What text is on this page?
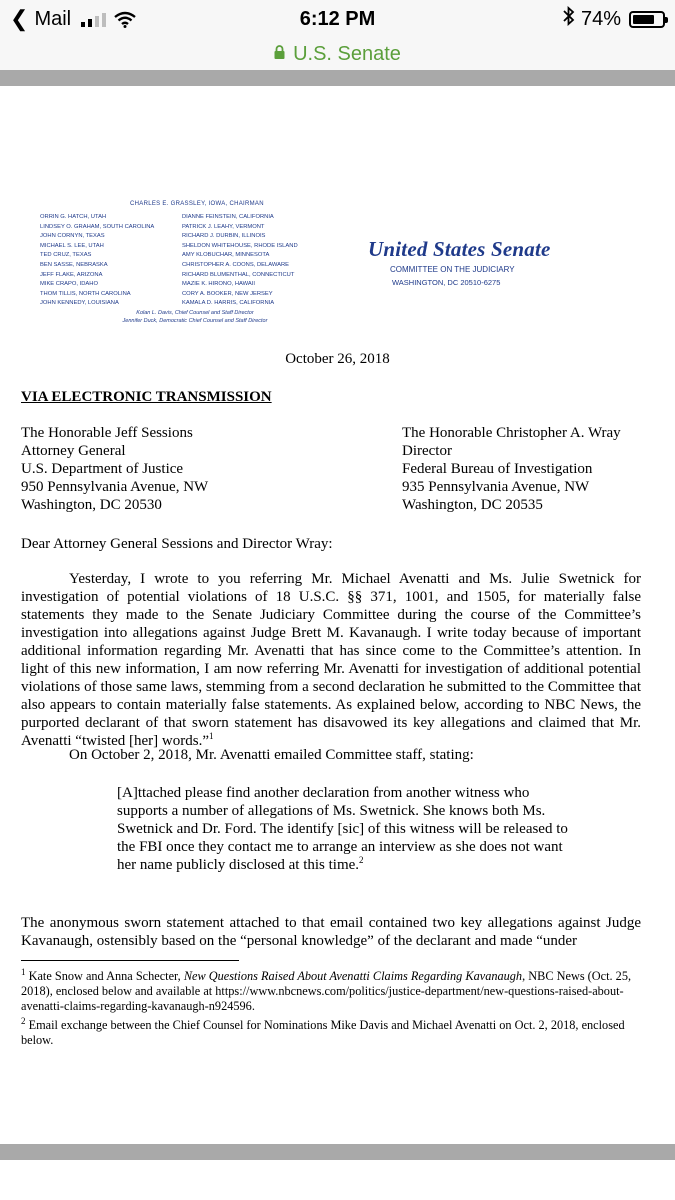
❮ Mail	6:12 PM	74%
U.S. Senate
CHARLES E. GRASSLEY, IOWA, CHAIRMAN
ORRIN G. HATCH, UTAH
LINDSEY O. GRAHAM, SOUTH CAROLINA
JOHN CORNYN, TEXAS
MICHAEL S. LEE, UTAH
TED CRUZ, TEXAS
BEN SASSE, NEBRASKA
JEFF FLAKE, ARIZONA
MIKE CRAPO, IDAHO
THOM TILLIS, NORTH CAROLINA
JOHN KENNEDY, LOUISIANA
DIANNE FEINSTEIN, CALIFORNIA
PATRICK J. LEAHY, VERMONT
RICHARD J. DURBIN, ILLINOIS
SHELDON WHITEHOUSE, RHODE ISLAND
AMY KLOBUCHAR, MINNESOTA
CHRISTOPHER A. COONS, DELAWARE
RICHARD BLUMENTHAL, CONNECTICUT
MAZIE K. HIRONO, HAWAII
CORY A. BOOKER, NEW JERSEY
KAMALA D. HARRIS, CALIFORNIA
Kolan L. Davis, Chief Counsel and Staff Director
Jennifer Duck, Democratic Chief Counsel and Staff Director
United States Senate
COMMITTEE ON THE JUDICIARY
WASHINGTON, DC 20510-6275
October 26, 2018
VIA ELECTRONIC TRANSMISSION
The Honorable Jeff Sessions
Attorney General
U.S. Department of Justice
950 Pennsylvania Avenue, NW
Washington, DC 20530
The Honorable Christopher A. Wray
Director
Federal Bureau of Investigation
935 Pennsylvania Avenue, NW
Washington, DC 20535
Dear Attorney General Sessions and Director Wray:
Yesterday, I wrote to you referring Mr. Michael Avenatti and Ms. Julie Swetnick for investigation of potential violations of 18 U.S.C. §§ 371, 1001, and 1505, for materially false statements they made to the Senate Judiciary Committee during the course of the Committee’s investigation into allegations against Judge Brett M. Kavanaugh. I write today because of important additional information regarding Mr. Avenatti that has since come to the Committee’s attention. In light of this new information, I am now referring Mr. Avenatti for investigation of additional potential violations of those same laws, stemming from a second declaration he submitted to the Committee that also appears to contain materially false statements. As explained below, according to NBC News, the purported declarant of that sworn statement has disavowed its key allegations and claimed that Mr. Avenatti “twisted [her] words.”$^1$
On October 2, 2018, Mr. Avenatti emailed Committee staff, stating:
[A]ttached please find another declaration from another witness who supports a number of allegations of Ms. Swetnick. She knows both Ms. Swetnick and Dr. Ford. The identify [sic] of this witness will be released to the FBI once they contact me to arrange an interview as she does not want her name publicly disclosed at this time.$^2$
The anonymous sworn statement attached to that email contained two key allegations against Judge Kavanaugh, ostensibly based on the “personal knowledge” of the declarant and made “under
$^1$ Kate Snow and Anna Schecter, New Questions Raised About Avenatti Claims Regarding Kavanaugh, NBC News (Oct. 25, 2018), enclosed below and available at https://www.nbcnews.com/politics/justice-department/new-questions-raised-about-avenatti-claims-regarding-kavanaugh-n924596.
$^2$ Email exchange between the Chief Counsel for Nominations Mike Davis and Michael Avenatti on Oct. 2, 2018, enclosed below.
